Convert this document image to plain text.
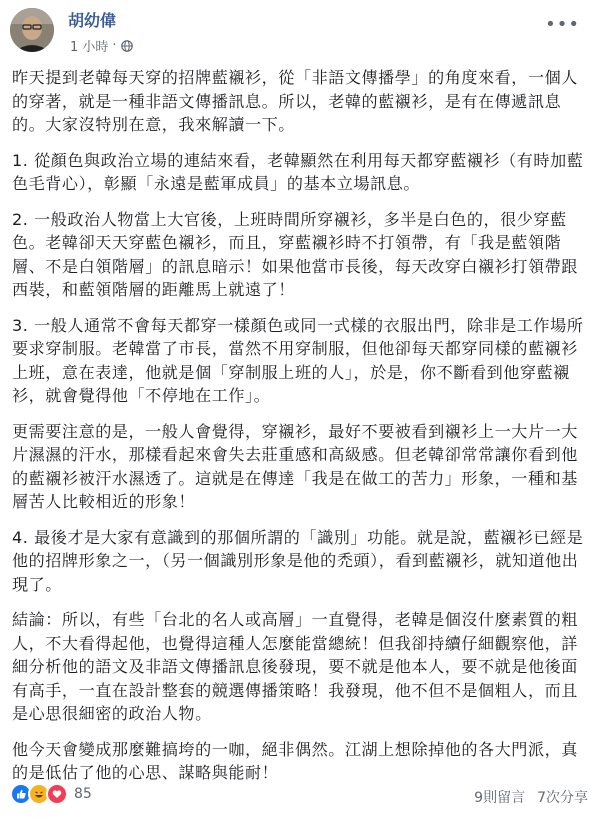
胡幼偉
1 小時 ·
•••

昨天提到老韓每天穿的招牌藍襯衫，從「非語文傳播學」的角度來看，一個人的穿著，就是一種非語文傳播訊息。所以，老韓的藍襯衫，是有在傳遞訊息的。大家沒特別在意，我來解讀一下。

1. 從顏色與政治立場的連結來看，老韓顯然在利用每天都穿藍襯衫（有時加藍色毛背心），彰顯「永遠是藍軍成員」的基本立場訊息。

2. 一般政治人物當上大官後，上班時間所穿襯衫，多半是白色的，很少穿藍色。老韓卻天天穿藍色襯衫，而且，穿藍襯衫時不打領帶，有「我是藍領階層、不是白領階層」的訊息暗示！如果他當市長後，每天改穿白襯衫打領帶跟西裝，和藍領階層的距離馬上就遠了！

3. 一般人通常不會每天都穿一樣顏色或同一式樣的衣服出門，除非是工作場所要求穿制服。老韓當了市長，當然不用穿制服，但他卻每天都穿同樣的藍襯衫上班，意在表達，他就是個「穿制服上班的人」，於是，你不斷看到他穿藍襯衫，就會覺得他「不停地在工作」。

更需要注意的是，一般人會覺得，穿襯衫，最好不要被看到襯衫上一大片一大片濕濕的汗水，那樣看起來會失去莊重感和高級感。但老韓卻常常讓你看到他的藍襯衫被汗水濕透了。這就是在傳達「我是在做工的苦力」形象，一種和基層苦人比較相近的形象！

4. 最後才是大家有意識到的那個所謂的「識別」功能。就是說，藍襯衫已經是他的招牌形象之一，（另一個識別形象是他的禿頭），看到藍襯衫，就知道他出現了。

結論：所以，有些「台北的名人或高層」一直覺得，老韓是個沒什麼素質的粗人，不大看得起他，也覺得這種人怎麼能當總統！但我卻持續仔細觀察他，詳細分析他的語文及非語文傳播訊息後發現，要不就是他本人，要不就是他後面有高手，一直在設計整套的競選傳播策略！我發現，他不但不是個粗人，而且是心思很細密的政治人物。

他今天會變成那麼難搞垮的一咖，絕非偶然。江湖上想除掉他的各大門派，真的是低估了他的心思、謀略與能耐！

85	9則留言 7次分享
